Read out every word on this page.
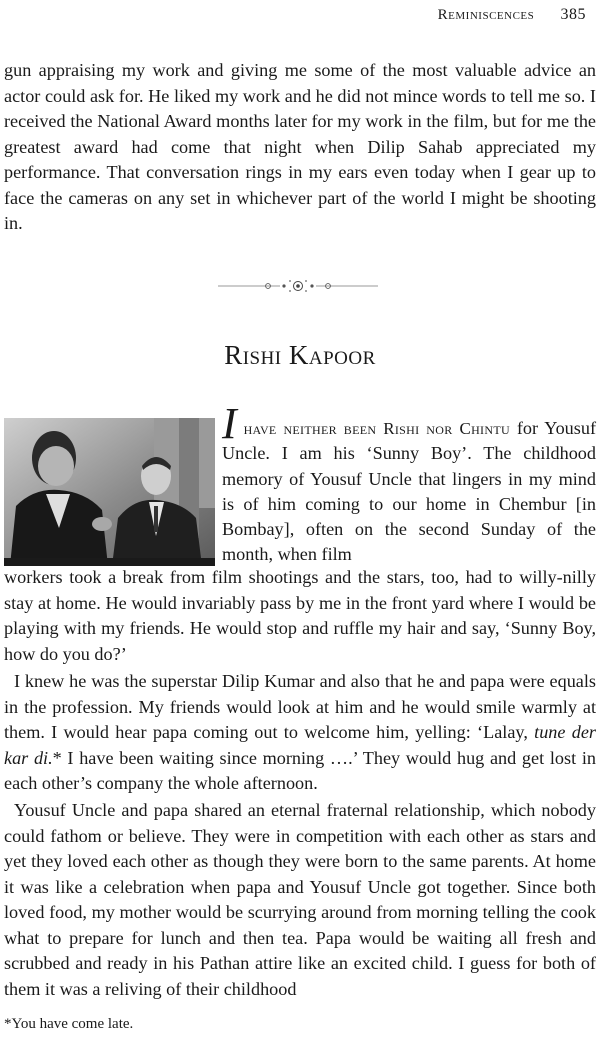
Reminiscences 385

gun appraising my work and giving me some of the most valuable advice an actor could ask for. He liked my work and he did not mince words to tell me so. I received the National Award months later for my work in the film, but for me the greatest award had come that night when Dilip Sahab appreciated my performance. That conversation rings in my ears even today when I gear up to face the cameras on any set in whichever part of the world I might be shooting in.

Rishi Kapoor

I have neither been Rishi nor Chintu for Yousuf Uncle. I am his ‘Sunny Boy’. The childhood memory of Yousuf Uncle that lingers in my mind is of him coming to our home in Chembur [in Bombay], often on the second Sunday of the month, when film

workers took a break from film shootings and the stars, too, had to willy-nilly stay at home. He would invariably pass by me in the front yard where I would be playing with my friends. He would stop and ruffle my hair and say, ‘Sunny Boy, how do you do?’

I knew he was the superstar Dilip Kumar and also that he and papa were equals in the profession. My friends would look at him and he would smile warmly at them. I would hear papa coming out to welcome him, yelling: ‘Lalay, tune der kar di.* I have been waiting since morning ….’ They would hug and get lost in each other’s company the whole afternoon.

Yousuf Uncle and papa shared an eternal fraternal relationship, which nobody could fathom or believe. They were in competition with each other as stars and yet they loved each other as though they were born to the same parents. At home it was like a celebration when papa and Yousuf Uncle got together. Since both loved food, my mother would be scurrying around from morning telling the cook what to prepare for lunch and then tea. Papa would be waiting all fresh and scrubbed and ready in his Pathan attire like an excited child. I guess for both of them it was a reliving of their childhood

*You have come late.
